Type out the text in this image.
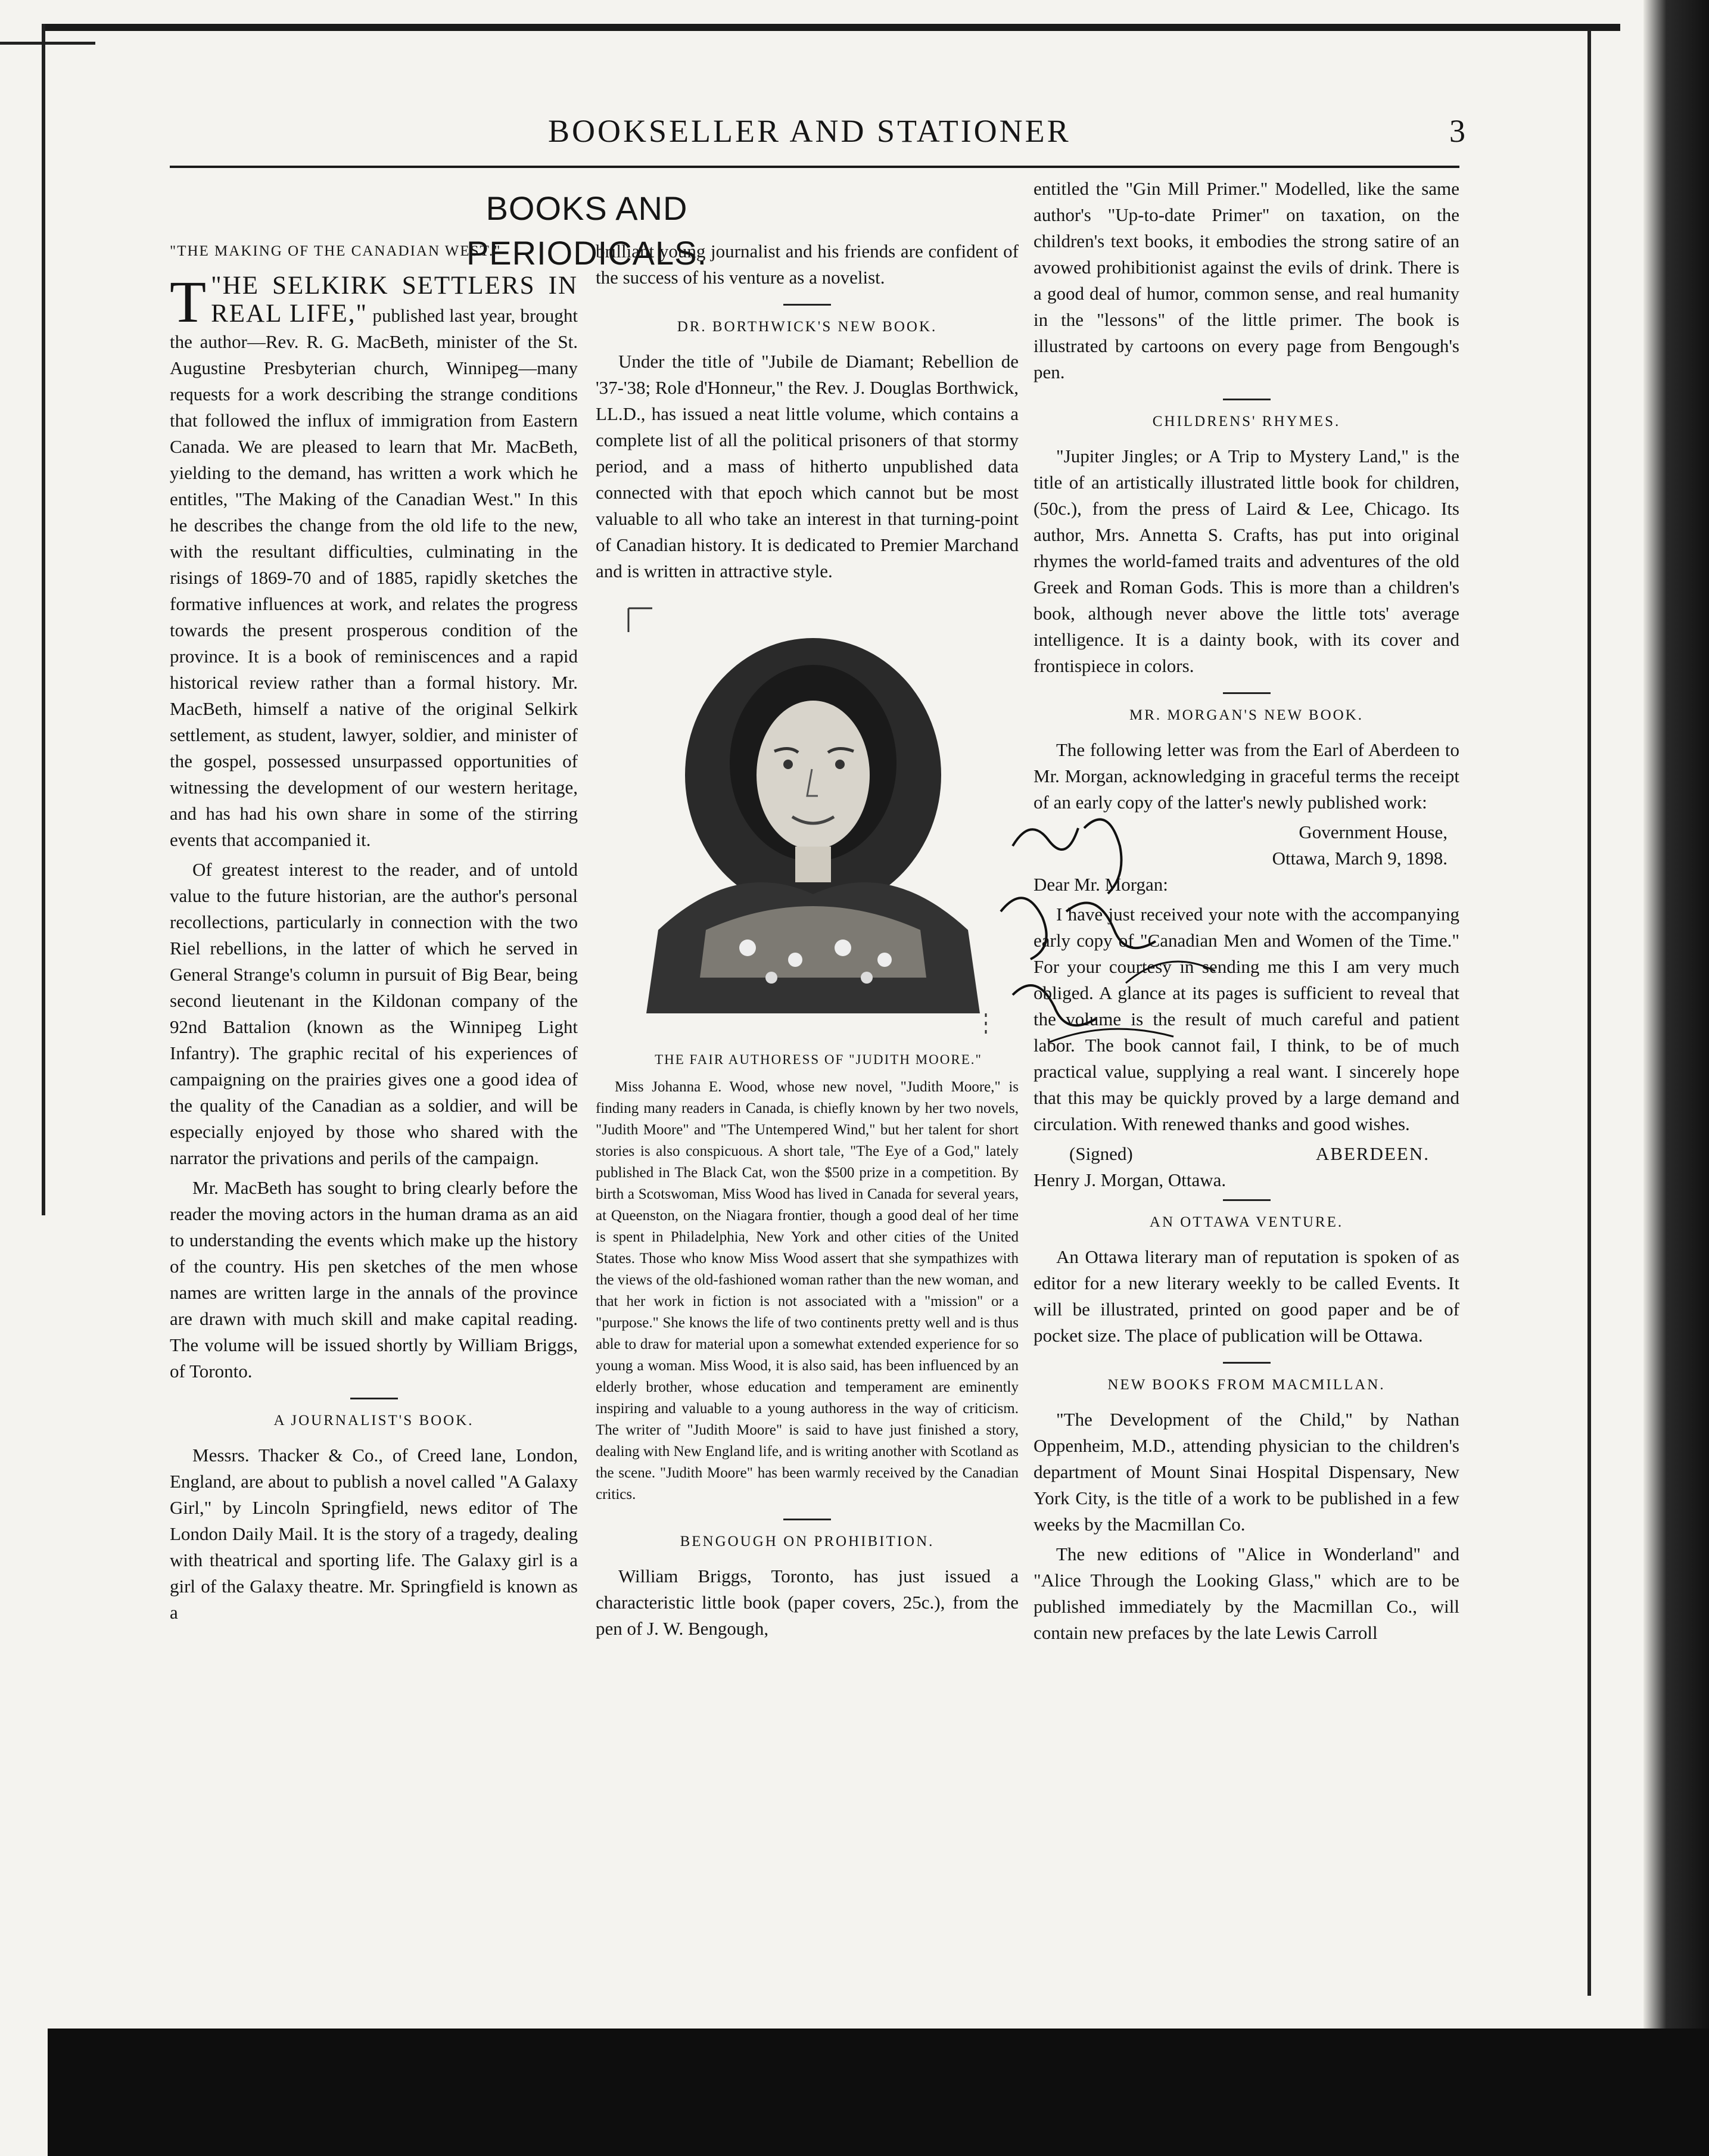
BOOKSELLER AND STATIONER	3
BOOKS AND PERIODICALS.
"THE MAKING OF THE CANADIAN WEST."

"
T HE SELKIRK SETTLERS IN REAL LIFE," published last year, brought the author—Rev. R. G. MacBeth, minister of the St. Augustine Presbyterian church, Winnipeg—many requests for a work describing the strange conditions that followed the influx of immigration from Eastern Canada. We are pleased to learn that Mr. MacBeth, yielding to the demand, has written a work which he entitles, "The Making of the Canadian West." In this he describes the change from the old life to the new, with the resultant difficulties, culminating in the risings of 1869-70 and of 1885, rapidly sketches the formative influences at work, and relates the progress towards the present prosperous condition of the province. It is a book of reminiscences and a rapid historical review rather than a formal history. Mr. MacBeth, himself a native of the original Selkirk settlement, as student, lawyer, soldier, and minister of the gospel, possessed unsurpassed opportunities of witnessing the development of our western heritage, and has had his own share in some of the stirring events that accompanied it.

Of greatest interest to the reader, and of untold value to the future historian, are the author's personal recollections, particularly in connection with the two Riel rebellions, in the latter of which he served in General Strange's column in pursuit of Big Bear, being second lieutenant in the Kildonan company of the 92nd Battalion (known as the Winnipeg Light Infantry). The graphic recital of his experiences of campaigning on the prairies gives one a good idea of the quality of the Canadian as a soldier, and will be especially enjoyed by those who shared with the narrator the privations and perils of the campaign.

Mr. MacBeth has sought to bring clearly before the reader the moving actors in the human drama as an aid to understanding the events which make up the history of the country. His pen sketches of the men whose names are written large in the annals of the province are drawn with much skill and make capital reading. The volume will be issued shortly by William Briggs, of Toronto.

A JOURNALIST'S BOOK.

Messrs. Thacker & Co., of Creed lane, London, England, are about to publish a novel called "A Galaxy Girl," by Lincoln Springfield, news editor of The London Daily Mail. It is the story of a tragedy, dealing with theatrical and sporting life. The Galaxy girl is a girl of the Galaxy theatre. Mr. Springfield is known as a

brilliant young journalist and his friends are confident of the success of his venture as a novelist.

DR. BORTHWICK'S NEW BOOK.

Under the title of "Jubile de Diamant; Rebellion de '37-'38; Role d'Honneur," the Rev. J. Douglas Borthwick, LL.D., has issued a neat little volume, which contains a complete list of all the political prisoners of that stormy period, and a mass of hitherto unpublished data connected with that epoch which cannot but be most valuable to all who take an interest in that turning-point of Canadian history. It is dedicated to Premier Marchand and is written in attractive style.

THE FAIR AUTHORESS OF "JUDITH MOORE."

Miss Johanna E. Wood, whose new novel, "Judith Moore," is finding many readers in Canada, is chiefly known by her two novels, "Judith Moore" and "The Untempered Wind," but her talent for short stories is also conspicuous. A short tale, "The Eye of a God," lately published in The Black Cat, won the $500 prize in a competition. By birth a Scotswoman, Miss Wood has lived in Canada for several years, at Queenston, on the Niagara frontier, though a good deal of her time is spent in Philadelphia, New York and other cities of the United States. Those who know Miss Wood assert that she sympathizes with the views of the old-fashioned woman rather than the new woman, and that her work in fiction is not associated with a "mission" or a "purpose." She knows the life of two continents pretty well and is thus able to draw for material upon a somewhat extended experience for so young a woman. Miss Wood, it is also said, has been influenced by an elderly brother, whose education and temperament are eminently inspiring and valuable to a young authoress in the way of criticism. The writer of "Judith Moore" is said to have just finished a story, dealing with New England life, and is writing another with Scotland as the scene. "Judith Moore" has been warmly received by the Canadian critics.

BENGOUGH ON PROHIBITION.

William Briggs, Toronto, has just issued a characteristic little book (paper covers, 25c.), from the pen of J. W. Bengough,

entitled the "Gin Mill Primer." Modelled, like the same author's "Up-to-date Primer" on taxation, on the children's text books, it embodies the strong satire of an avowed prohibitionist against the evils of drink. There is a good deal of humor, common sense, and real humanity in the "lessons" of the little primer. The book is illustrated by cartoons on every page from Bengough's pen.

CHILDRENS' RHYMES.

"Jupiter Jingles; or A Trip to Mystery Land," is the title of an artistically illustrated little book for children, (50c.), from the press of Laird & Lee, Chicago. Its author, Mrs. Annetta S. Crafts, has put into original rhymes the world-famed traits and adventures of the old Greek and Roman Gods. This is more than a children's book, although never above the little tots' average intelligence. It is a dainty book, with its cover and frontispiece in colors.

MR. MORGAN'S NEW BOOK.

The following letter was from the Earl of Aberdeen to Mr. Morgan, acknowledging in graceful terms the receipt of an early copy of the latter's newly published work:

Government House,
Ottawa, March 9, 1898.

Dear Mr. Morgan:

I have just received your note with the accompanying early copy of "Canadian Men and Women of the Time." For your courtesy in sending me this I am very much obliged. A glance at its pages is sufficient to reveal that the volume is the result of much careful and patient labor. The book cannot fail, I think, to be of much practical value, supplying a real want. I sincerely hope that this may be quickly proved by a large demand and circulation. With renewed thanks and good wishes.

(Signed)	ABERDEEN.

Henry J. Morgan, Ottawa.

AN OTTAWA VENTURE.

An Ottawa literary man of reputation is spoken of as editor for a new literary weekly to be called Events. It will be illustrated, printed on good paper and be of pocket size. The place of publication will be Ottawa.

NEW BOOKS FROM MACMILLAN.

"The Development of the Child," by Nathan Oppenheim, M.D., attending physician to the children's department of Mount Sinai Hospital Dispensary, New York City, is the title of a work to be published in a few weeks by the Macmillan Co.

The new editions of "Alice in Wonderland" and "Alice Through the Looking Glass," which are to be published immediately by the Macmillan Co., will contain new prefaces by the late Lewis Carroll
